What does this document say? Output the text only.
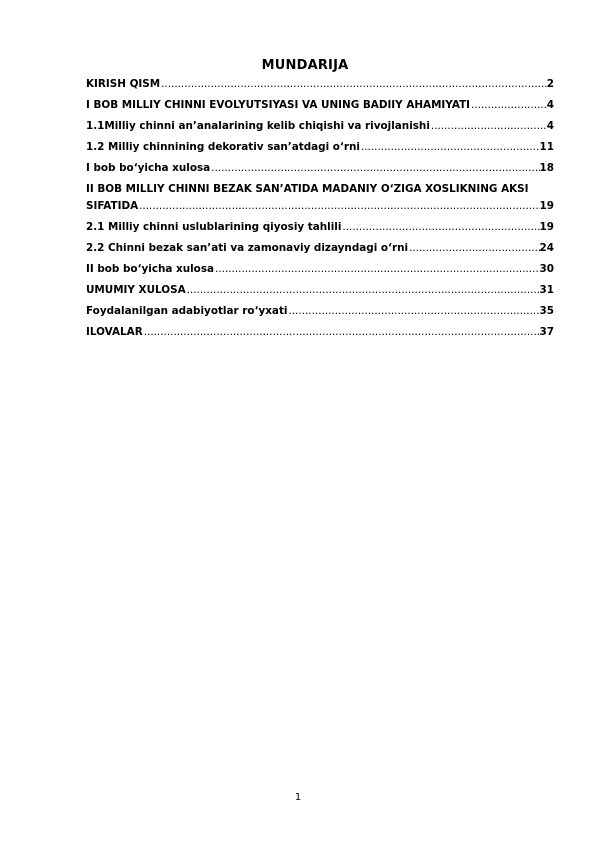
MUNDARIJA
KIRISH QISM .....	2
I BOB MILLIY CHINNI EVOLYUTSIYASI VA UNING BADIIY AHAMIYATI .....	4
1.1Milliy chinni an’analarining kelib chiqishi va rivojlanishi .....	4
1.2 Milliy chinnining dekorativ san’atdagi o‘rni .....	11
I bob bo‘yicha xulosa .....	18
II BOB MILLIY CHINNI BEZAK SAN’ATIDA MADANIY O‘ZIGA XOSLIKNING AKSI
SIFATIDA .....	19
2.1 Milliy chinni uslublarining qiyosiy tahlili .....	19
2.2 Chinni bezak san’ati va zamonaviy dizayndagi o‘rni .....	24
II bob bo‘yicha xulosa .....	30
UMUMIY XULOSA .....	31
Foydalanilgan adabiyotlar ro‘yxati .....	35
ILOVALAR .....	37
1
